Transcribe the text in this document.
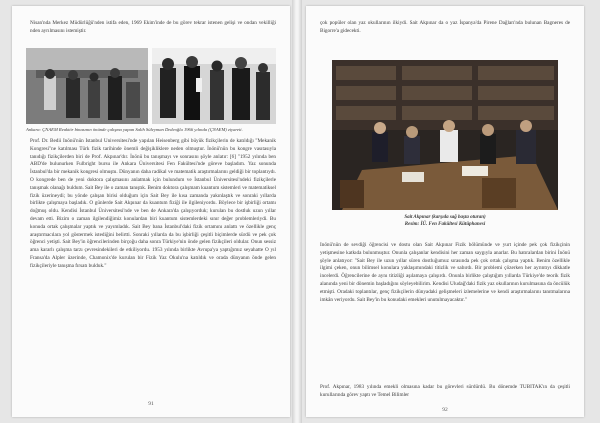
Nisan'nda Merkez Müdürlüğü'nden istifa eden, 1969 Ekim'inde de bu görev tekrar istenen gelişi ve ondan vekilliği nden ayrılmasını istemiştir.
Ankara: ÇNAEM Reaktör binasının önünde çalışma yapan Salih Süleyman Dedeoğlu 1966 yılında (ÇNAEM) ziyareti.
Prof. Dr. Bedii İnönü'nün İstanbul Üniversitesi'nde yapılan Heisenberg gibi büyük fizikçilerin de katıldığı "Mekanik Kongresi"ne katılması Türk fizik tarihinde önemli değişikliklere neden olmuştur. İnönü'nün bu kongre vasıtasıyla tanıdığı fizikçilerden biri de Prof. Akpınar'dır. İnönü bu tanışmayı ve sonrasını şöyle anlatır: [6] "1952 yılında ben ABD'de bulunurken Fulbright bursu ile Ankara Üniversitesi Fen Fakültesi'nde göreve başladım. Yaz sonunda İstanbul'da bir mekanik kongresi olmuştu. Dünyanın daha radikal ve matematik araştırmalarını geldiği bir toplantıydı. O kongrede ben de yeni doktora çalışmasını anlatmak için bulundum ve İstanbul Üniversitesi'ndeki fizikçilerle tanışmak olanağı buldum. Sait Bey ile o zaman tanıştık. Benim doktora çalışmam kuantum sistemleri ve matematiksel fizik üzerineydi; bu yönde çalışan birisi olduğum için Sait Bey ile kısa zamanda yakınlaştık ve sonraki yıllarda birlikte çalışmaya başladık. O günlerde Sait Akpınar da kuantum fiziği ile ilgileniyordu. Böylece bir işbirliği ortamı doğmuş oldu. Kendisi İstanbul Üniversitesi'nde ve ben de Ankara'da çalışıyorduk; kurulan bu dostluk uzun yıllar devam etti. Bizim o zaman ilgilendiğimiz konulardan biri kuantum sistemlerdeki sınır değer problemleriydi. Bu konuda ortak çalışmalar yaptık ve yayımladık. Sait Bey bana İstanbul'daki fizik ortamını anlattı ve özellikle genç araştırmacılara yol göstermek istediğini belirtti. Sonraki yıllarda da bu işbirliği çeşitli biçimlerde sürdü ve pek çok öğrenci yetişti. Sait Bey'in öğrencilerinden birçoğu daha sonra Türkiye'nin önde gelen fizikçileri oldular. Onun sessiz ama kararlı çalışma tarzı çevresindekileri de etkiliyordu. 1953 yılında birlikte Avrupa'ya yaptığımız seyahatte O yıl Fransa'da Alpler üzerinde, Chamonix'de kurulan bir Fizik Yaz Okulu'na katıldık ve orada dünyanın önde gelen fizikçileriyle tanışma fırsatı bulduk."
91
çok popüler olan yaz okullarının ilkiydi. Sait Akpınar da o yaz İspanya'da Pirene Dağları'nda bulunan Bagneres de Bigorre'a gidecekti.
Sait Akpınar (karşıda sağ başta oturan)
Resim: İÜ. Fen Fakültesi Kütüphanesi
İnönü'nün de sevdiği öğrencisi ve dostu olan Sait Akpınar Fizik bölümünde ve yurt içinde pek çok fizikçinin yetişmesine katkıda bulunmuştur. Onunla çalışanlar kendisini her zaman saygıyla anarlar. Bu hatıralardan birini İnönü şöyle anlatıyor: "Sait Bey ile uzun yıllar süren dostluğumuz sırasında pek çok ortak çalışma yaptık. Benim özellikle ilgimi çeken, onun bilimsel konulara yaklaşımındaki titizlik ve sabırdı. Bir problemi çözerken her ayrıntıyı dikkatle incelerdi. Öğrencilerine de aynı titizliği aşılamaya çalışırdı. Onunla birlikte çalıştığım yıllarda Türkiye'de teorik fizik alanında yeni bir dönemin başladığını söyleyebilirim. Kendisi Uludağ'daki fizik yaz okullarının kurulmasına da öncülük etmişti. Oradaki toplantılar, genç fizikçilerin dünyadaki gelişmeleri izlemelerine ve kendi araştırmalarını tanıtmalarına imkân veriyordu. Sait Bey'in bu konudaki emekleri unutulmayacaktır."
Prof. Akpınar, 1983 yılında emekli olmasına kadar bu görevleri sürdürdü. Bu dönemde TÜBİTAK'ın da çeşitli kurullarında görev yaptı ve Temel Bilimler
92
